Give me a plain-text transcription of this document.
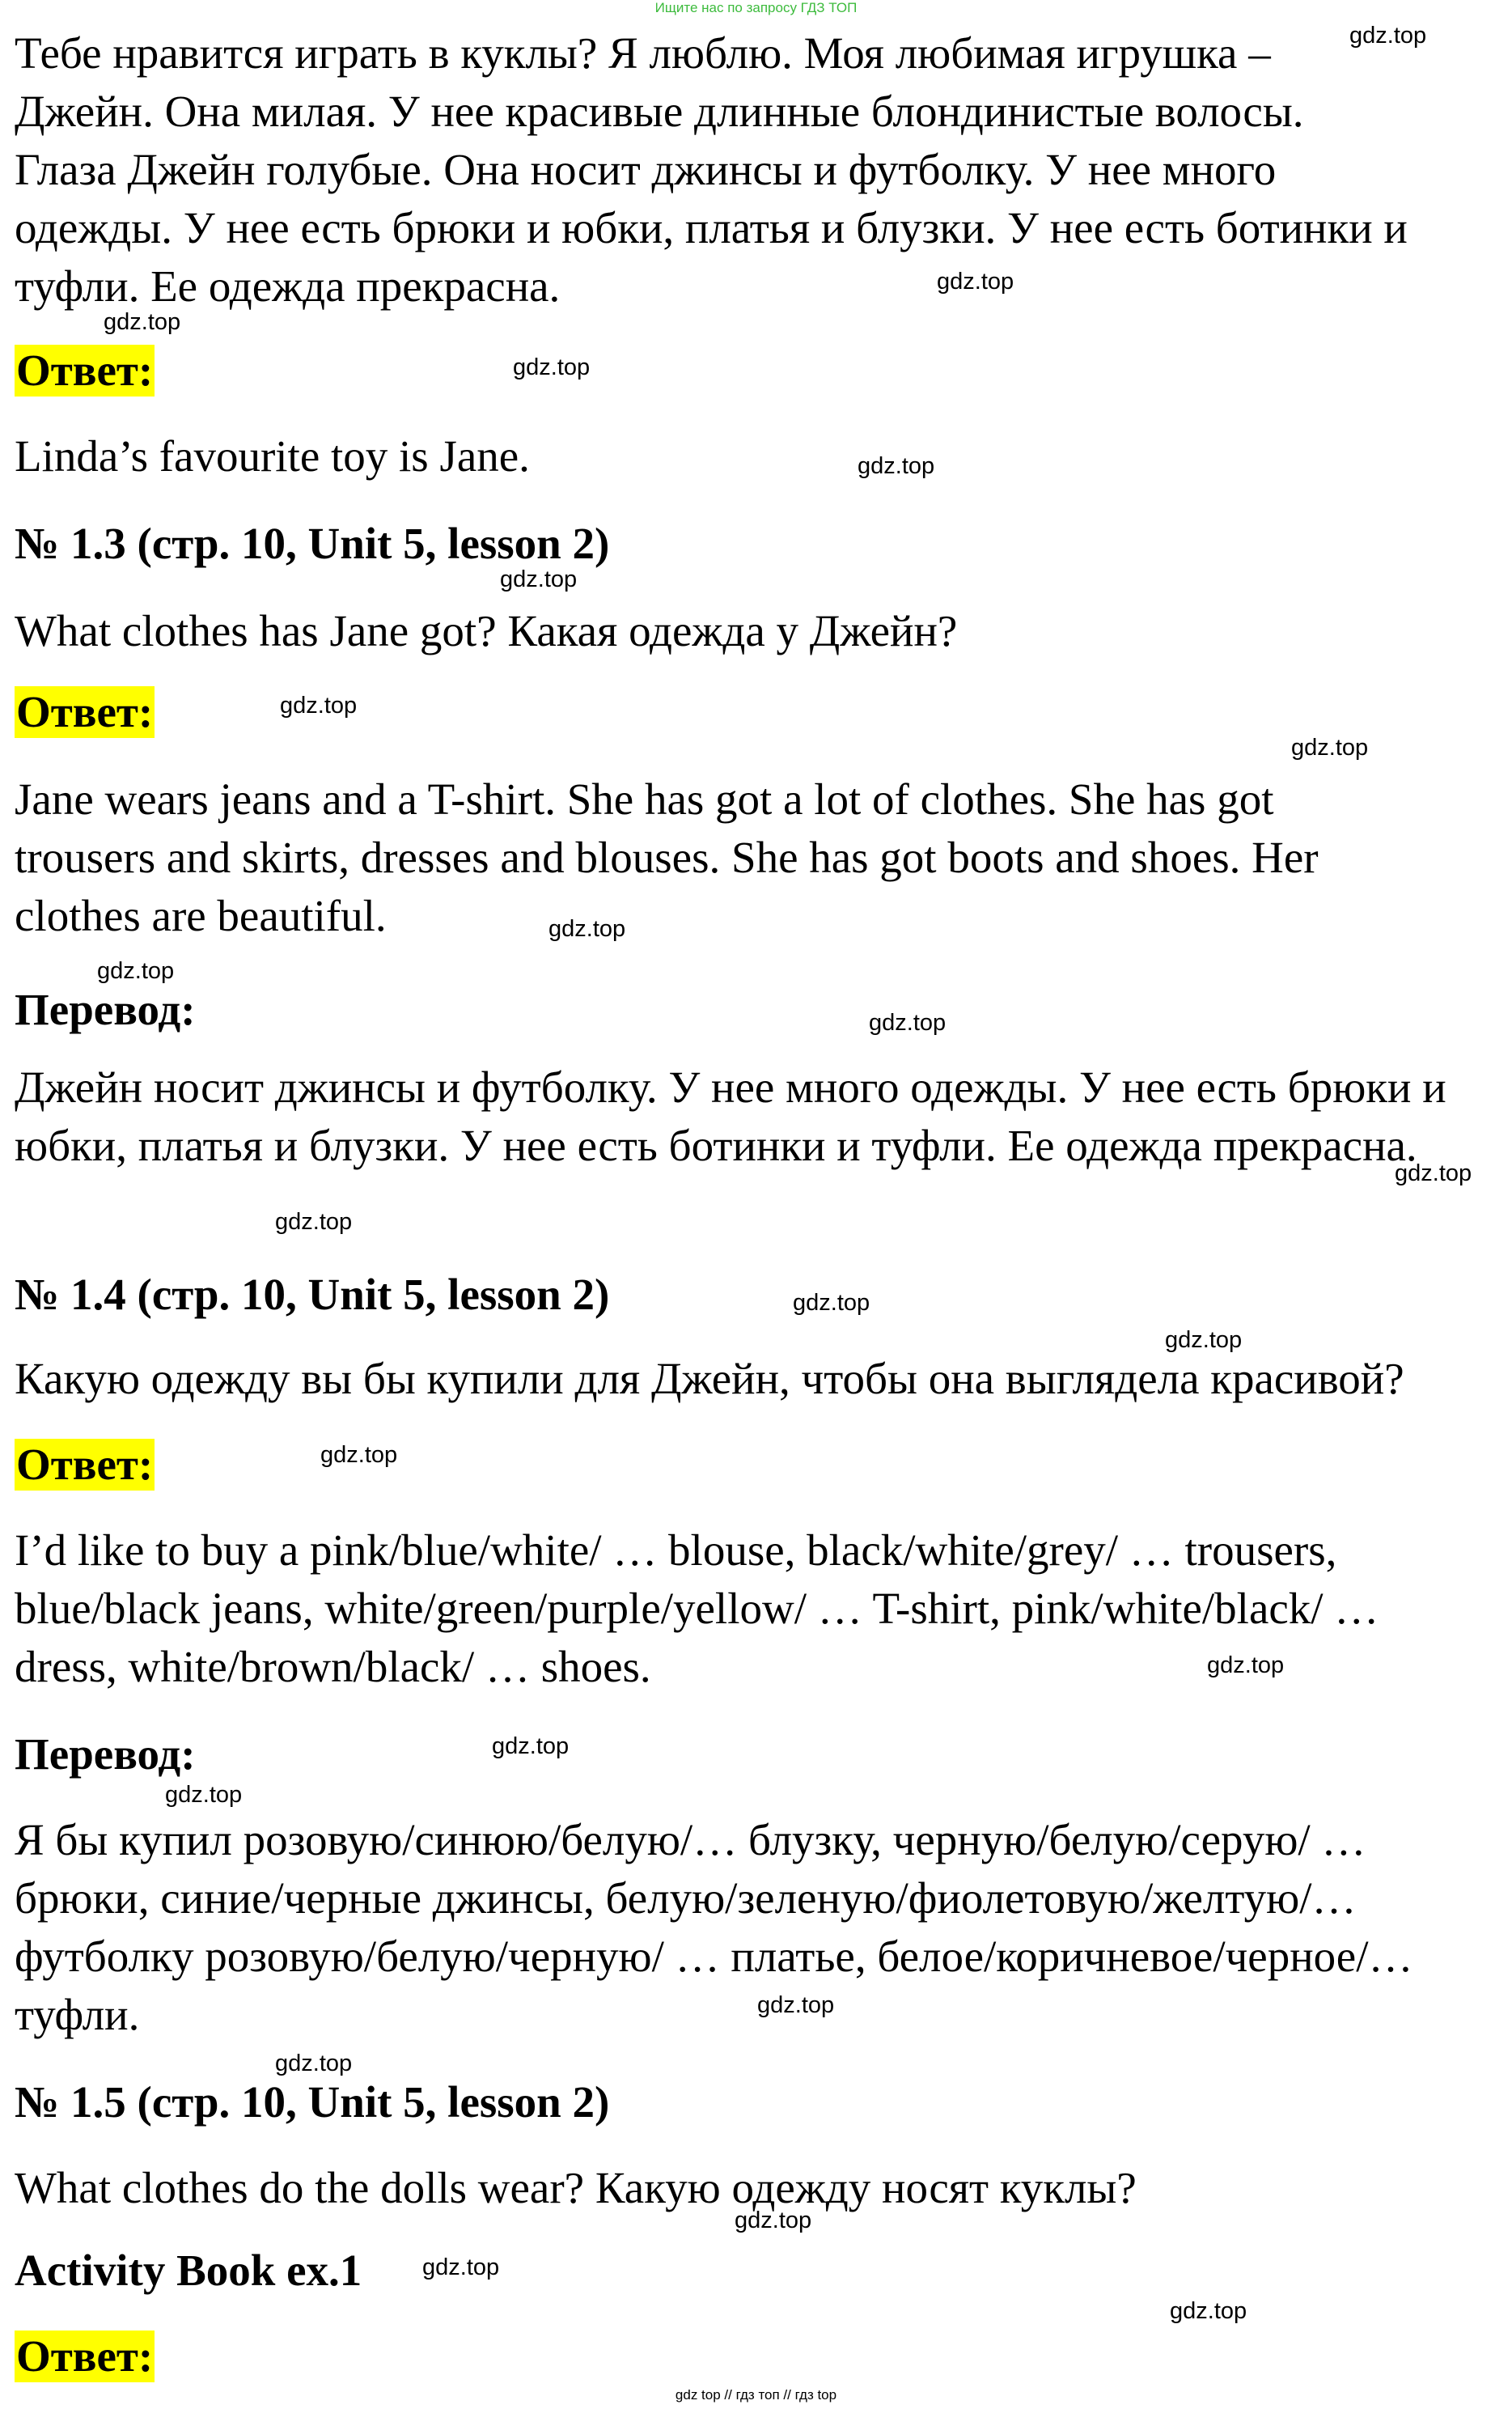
Ищите нас по запросу ГДЗ ТОП
Тебе нравится играть в куклы? Я люблю. Моя любимая игрушка –
Джейн. Она милая. У нее красивые длинные блондинистые волосы.
Глаза Джейн голубые. Она носит джинсы и футболку. У нее много
одежды. У нее есть брюки и юбки, платья и блузки. У нее есть ботинки и
туфли. Ее одежда прекрасна.
Ответ:
Linda’s favourite toy is Jane.
№ 1.3 (стр. 10, Unit 5, lesson 2)
What clothes has Jane got? Какая одежда у Джейн?
Ответ:
Jane wears jeans and a T-shirt. She has got a lot of clothes. She has got trousers and skirts, dresses and blouses. She has got boots and shoes. Her clothes are beautiful.
Перевод:
Джейн носит джинсы и футболку. У нее много одежды. У нее есть брюки и юбки, платья и блузки. У нее есть ботинки и туфли. Ее одежда прекрасна.
№ 1.4 (стр. 10, Unit 5, lesson 2)
Какую одежду вы бы купили для Джейн, чтобы она выглядела красивой?
Ответ:
I’d like to buy a pink/blue/white/ … blouse, black/white/grey/ … trousers, blue/black jeans, white/green/purple/yellow/ … T-shirt, pink/white/black/ … dress, white/brown/black/ … shoes.
Перевод:
Я бы купил розовую/синюю/белую/… блузку, черную/белую/серую/ … брюки, синие/черные джинсы, белую/зеленую/фиолетовую/желтую/… футболку розовую/белую/черную/ … платье, белое/коричневое/черное/… туфли.
№ 1.5 (стр. 10, Unit 5, lesson 2)
What clothes do the dolls wear? Какую одежду носят куклы?
Activity Book ex.1
Ответ:
gdz.top
gdz.top
gdz.top
gdz.top
gdz.top
gdz.top
gdz.top
gdz.top
gdz.top
gdz.top
gdz.top
gdz.top
gdz.top
gdz.top
gdz.top
gdz.top
gdz.top
gdz.top
gdz.top
gdz.top
gdz.top
gdz.top
gdz.top
gdz.top
gdz top // гдз топ // гдз top
